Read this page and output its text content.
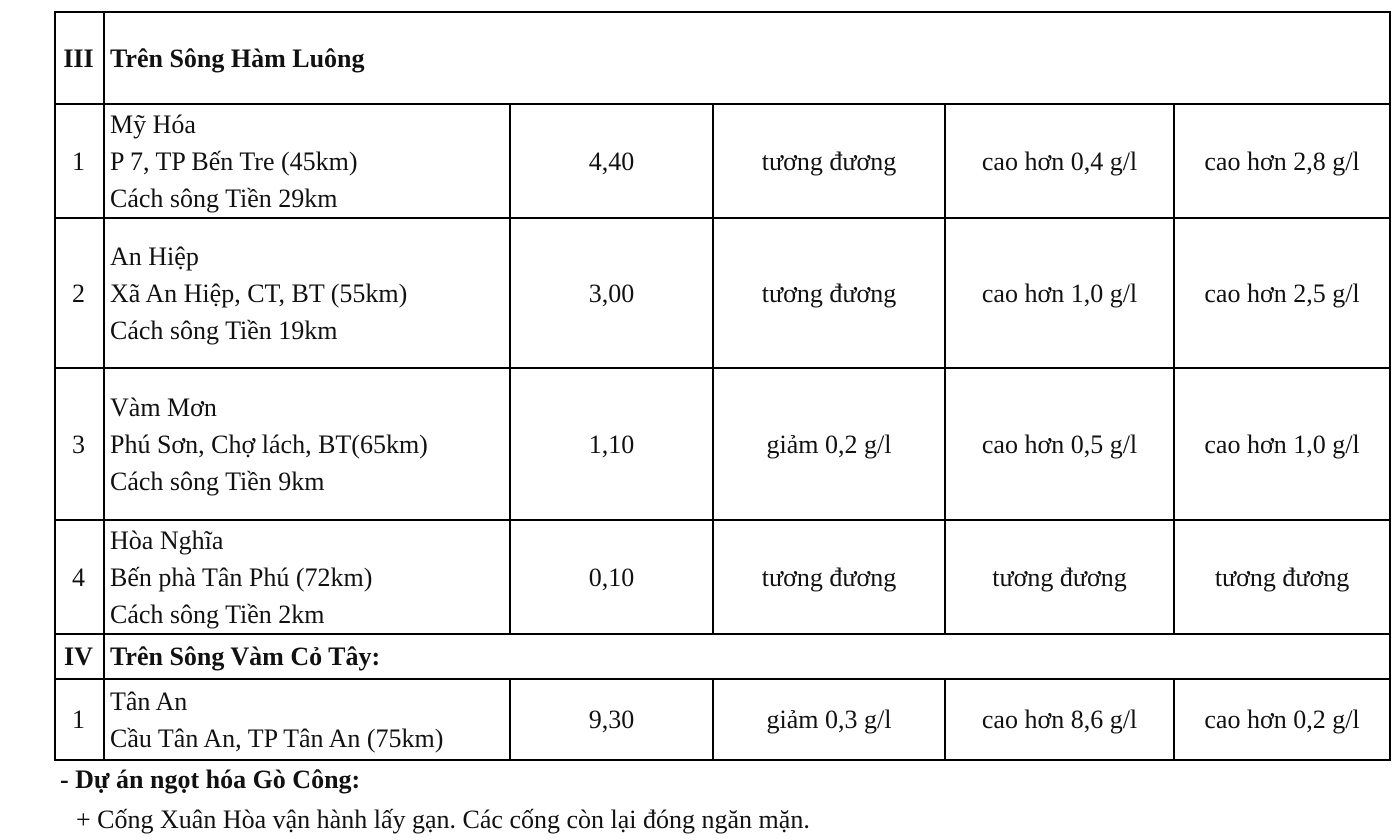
III	Trên Sông Hàm Luông				
1	Mỹ Hóa
P 7, TP Bến Tre (45km)
Cách sông Tiền 29km	4,40	tương đương	cao hơn 0,4 g/l	cao hơn 2,8 g/l
2	An Hiệp
Xã An Hiệp, CT, BT (55km)
Cách sông Tiền 19km	3,00	tương đương	cao hơn 1,0 g/l	cao hơn 2,5 g/l
3	Vàm Mơn
Phú Sơn, Chợ lách, BT(65km)
Cách sông Tiền 9km	1,10	giảm 0,2 g/l	cao hơn 0,5 g/l	cao hơn 1,0 g/l
4	Hòa Nghĩa
Bến phà Tân Phú (72km)
Cách sông Tiền 2km	0,10	tương đương	tương đương	tương đương
IV	Trên Sông Vàm Cỏ Tây:				
1	Tân An
Cầu Tân An, TP Tân An (75km)	9,30	giảm 0,3 g/l	cao hơn 8,6 g/l	cao hơn 0,2 g/l
- Dự án ngọt hóa Gò Công:
+ Cống Xuân Hòa vận hành lấy gạn. Các cống còn lại đóng ngăn mặn.
